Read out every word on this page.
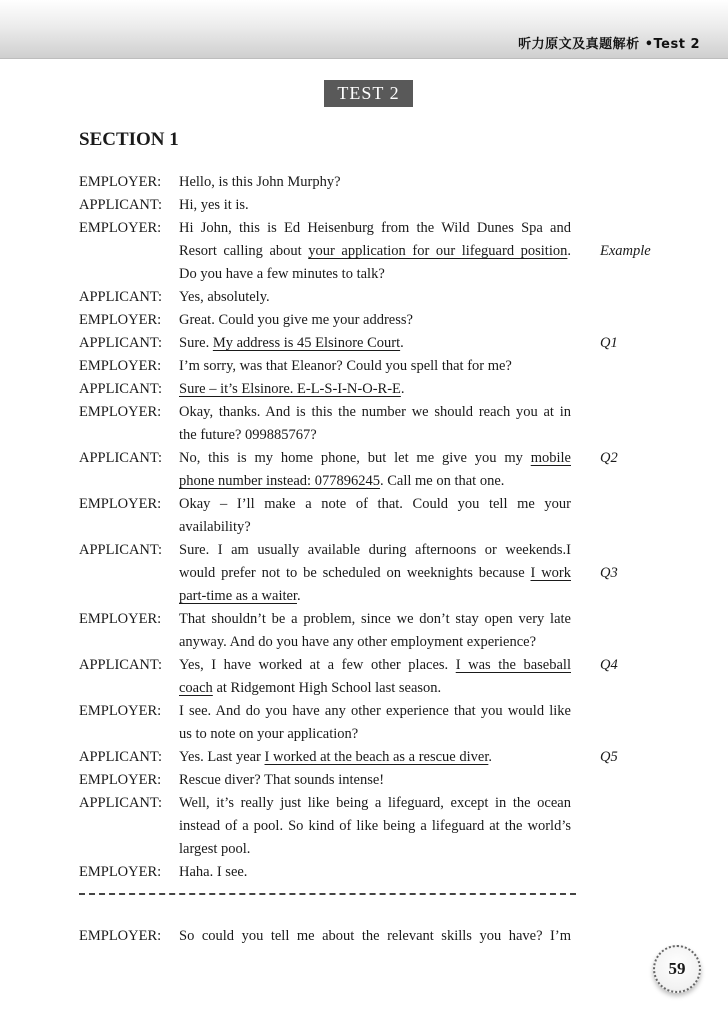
听力原文及真题解析 •Test 2
TEST 2
SECTION 1
EMPLOYER: Hello, is this John Murphy?
APPLICANT: Hi, yes it is.
EMPLOYER: Hi John, this is Ed Heisenburg from the Wild Dunes Spa and
Resort calling about your application for our lifeguard position. Example
Do you have a few minutes to talk?
APPLICANT: Yes, absolutely.
EMPLOYER: Great. Could you give me your address?
APPLICANT: Sure. My address is 45 Elsinore Court.	Q1
EMPLOYER: I’m sorry, was that Eleanor? Could you spell that for me?
APPLICANT: Sure – it’s Elsinore. E-L-S-I-N-O-R-E.
EMPLOYER: Okay, thanks. And is this the number we should reach you at in
the future? 099885767?
APPLICANT: No, this is my home phone, but let me give you my mobile Q2
phone number instead: 077896245. Call me on that one.
EMPLOYER: Okay – I’ll make a note of that. Could you tell me your
availability?
APPLICANT: Sure. I am usually available during afternoons or weekends.I
would prefer not to be scheduled on weeknights because I work Q3
part-time as a waiter.
EMPLOYER: That shouldn’t be a problem, since we don’t stay open very late
anyway. And do you have any other employment experience?
APPLICANT: Yes, I have worked at a few other places. I was the baseball Q4
coach at Ridgemont High School last season.
EMPLOYER: I see. And do you have any other experience that you would like
us to note on your application?
APPLICANT: Yes. Last year I worked at the beach as a rescue diver.	Q5
EMPLOYER: Rescue diver? That sounds intense!
APPLICANT: Well, it’s really just like being a lifeguard, except in the ocean
instead of a pool. So kind of like being a lifeguard at the world’s
largest pool.
EMPLOYER: Haha. I see.
EMPLOYER: So could you tell me about the relevant skills you have? I’m
59
